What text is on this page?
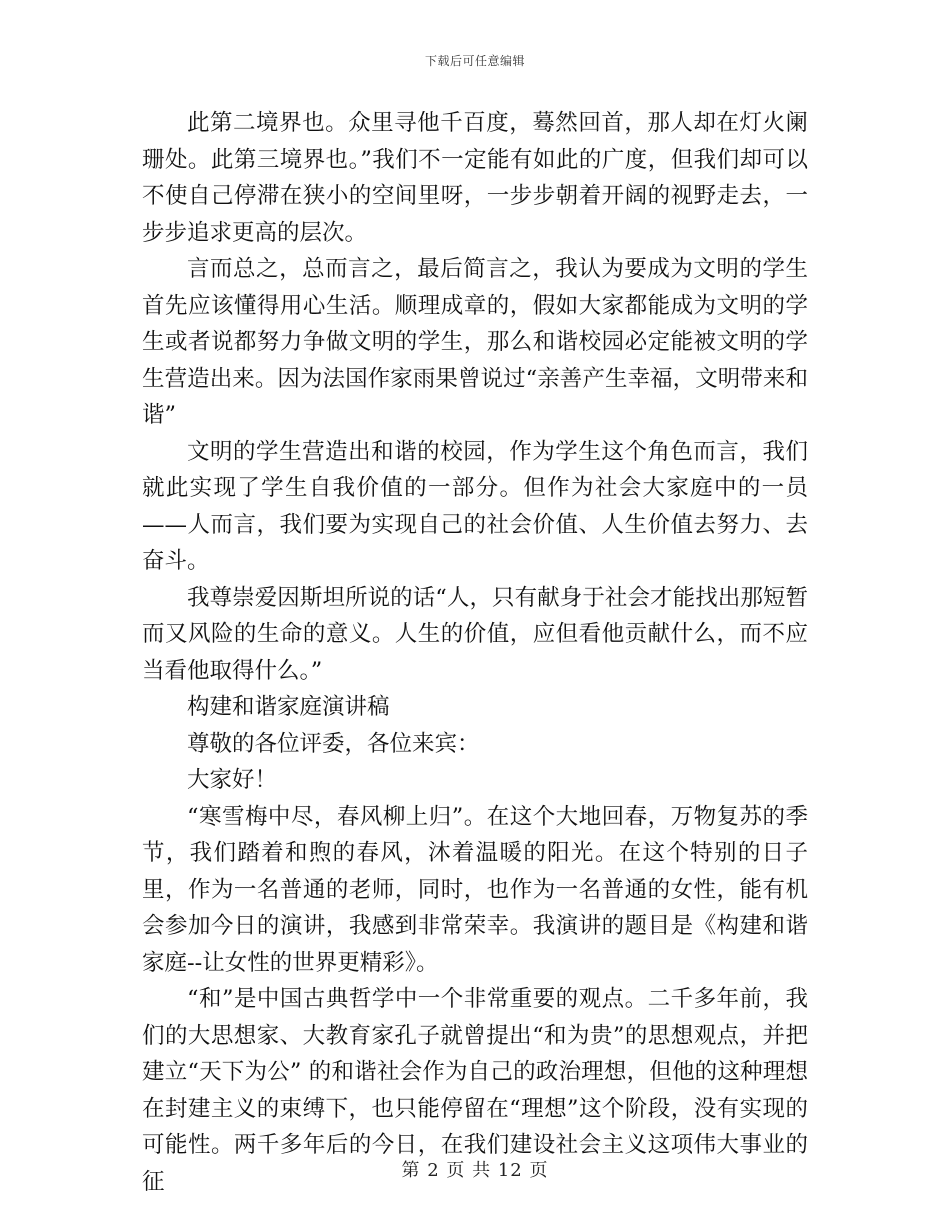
下载后可任意编辑

此第二境界也。众里寻他千百度，蓦然回首，那人却在灯火阑珊处。此第三境界也。”我们不一定能有如此的广度，但我们却可以不使自己停滞在狭小的空间里呀，一步步朝着开阔的视野走去，一步步追求更高的层次。

言而总之，总而言之，最后简言之，我认为要成为文明的学生首先应该懂得用心生活。顺理成章的，假如大家都能成为文明的学生或者说都努力争做文明的学生，那么和谐校园必定能被文明的学生营造出来。因为法国作家雨果曾说过“亲善产生幸福，文明带来和谐”

文明的学生营造出和谐的校园，作为学生这个角色而言，我们就此实现了学生自我价值的一部分。但作为社会大家庭中的一员——人而言，我们要为实现自己的社会价值、人生价值去努力、去奋斗。

我尊崇爱因斯坦所说的话“人，只有献身于社会才能找出那短暂而又风险的生命的意义。人生的价值，应但看他贡献什么，而不应当看他取得什么。”

构建和谐家庭演讲稿

尊敬的各位评委，各位来宾：

大家好！

“寒雪梅中尽，春风柳上归”。在这个大地回春，万物复苏的季节，我们踏着和煦的春风，沐着温暖的阳光。在这个特别的日子里，作为一名普通的老师，同时，也作为一名普通的女性，能有机会参加今日的演讲，我感到非常荣幸。我演讲的题目是《构建和谐家庭--让女性的世界更精彩》。

“和”是中国古典哲学中一个非常重要的观点。二千多年前，我们的大思想家、大教育家孔子就曾提出“和为贵”的思想观点，并把建立“天下为公” 的和谐社会作为自己的政治理想，但他的这种理想在封建主义的束缚下，也只能停留在“理想”这个阶段，没有实现的可能性。两千多年后的今日，在我们建设社会主义这项伟大事业的征	第 2 页 共 12 页
